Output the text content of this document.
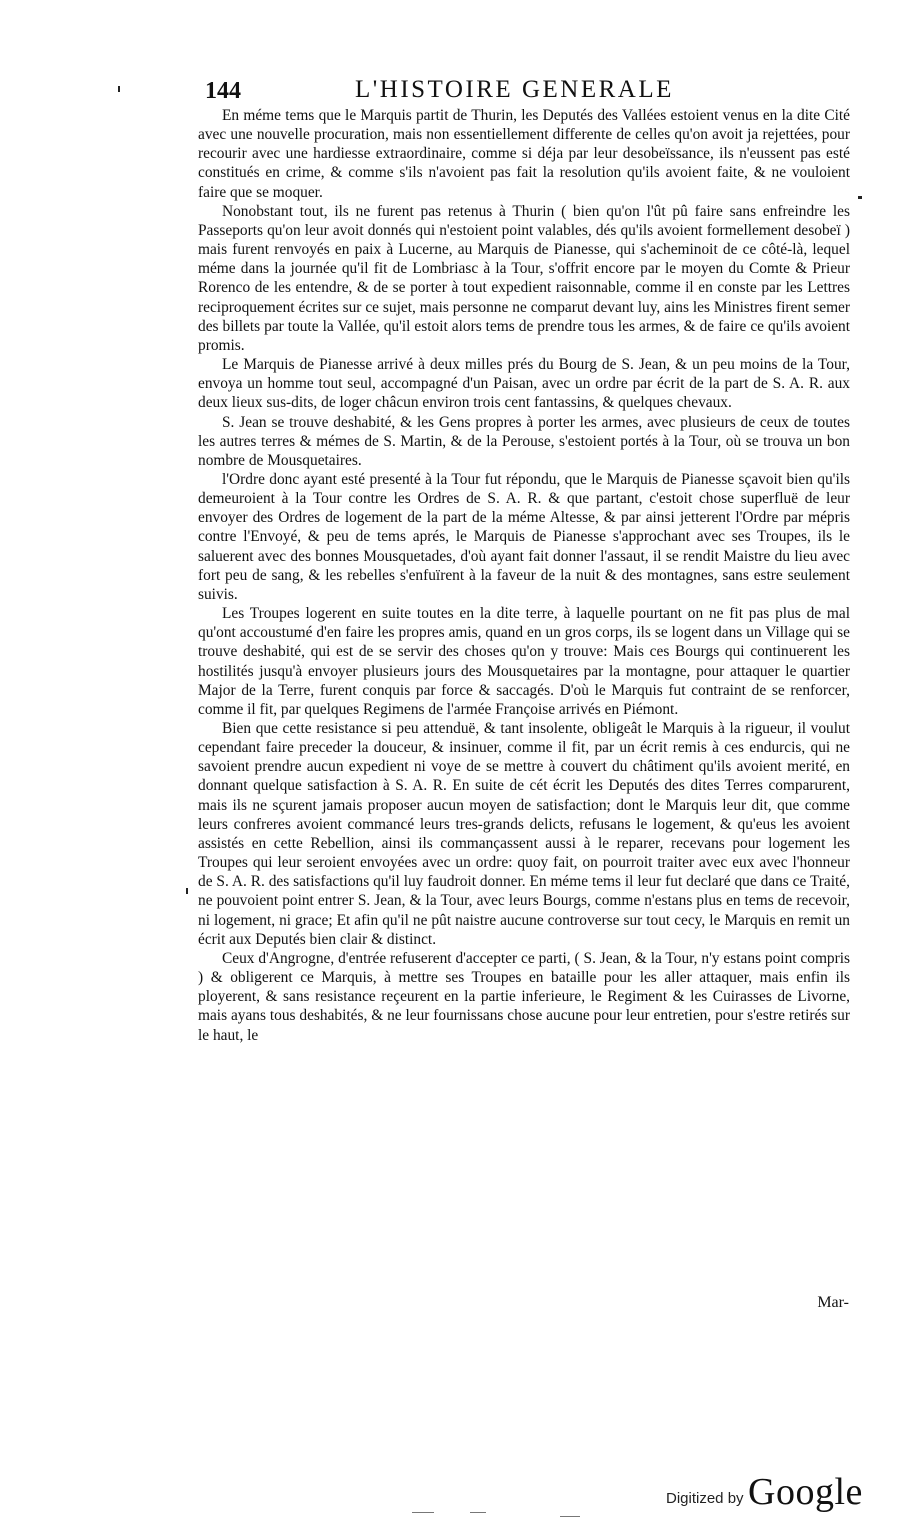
144	L'HISTOIRE GENERALE

En méme tems que le Marquis partit de Thurin, les Deputés des Vallées estoient venus en la dite Cité avec une nouvelle procuration, mais non essentiellement differente de celles qu'on avoit ja rejettées, pour recourir avec une hardiesse extraordinaire, comme si déja par leur desobeïssance, ils n'eussent pas esté constitués en crime, & comme s'ils n'avoient pas fait la resolution qu'ils avoient faite, & ne vouloient faire que se moquer.

Nonobstant tout, ils ne furent pas retenus à Thurin ( bien qu'on l'ût pû faire sans enfreindre les Passeports qu'on leur avoit donnés qui n'estoient point valables, dés qu'ils avoient formellement desobeï ) mais furent renvoyés en paix à Lucerne, au Marquis de Pianesse, qui s'acheminoit de ce côté-là, lequel méme dans la journée qu'il fit de Lombriasc à la Tour, s'offrit encore par le moyen du Comte & Prieur Rorenco de les entendre, & de se porter à tout expedient raisonnable, comme il en conste par les Lettres reciproquement écrites sur ce sujet, mais personne ne comparut devant luy, ains les Ministres firent semer des billets par toute la Vallée, qu'il estoit alors tems de prendre tous les armes, & de faire ce qu'ils avoient promis.

Le Marquis de Pianesse arrivé à deux milles prés du Bourg de S. Jean, & un peu moins de la Tour, envoya un homme tout seul, accompagné d'un Paisan, avec un ordre par écrit de la part de S. A. R. aux deux lieux sus-dits, de loger châcun environ trois cent fantassins, & quelques chevaux.

S. Jean se trouve deshabité, & les Gens propres à porter les armes, avec plusieurs de ceux de toutes les autres terres & mémes de S. Martin, & de la Perouse, s'estoient portés à la Tour, où se trouva un bon nombre de Mousquetaires.

l'Ordre donc ayant esté presenté à la Tour fut répondu, que le Marquis de Pianesse sçavoit bien qu'ils demeuroient à la Tour contre les Ordres de S. A. R. & que partant, c'estoit chose superfluë de leur envoyer des Ordres de logement de la part de la méme Altesse, & par ainsi jetterent l'Ordre par mépris contre l'Envoyé, & peu de tems aprés, le Marquis de Pianesse s'approchant avec ses Troupes, ils le saluerent avec des bonnes Mousquetades, d'où ayant fait donner l'assaut, il se rendit Maistre du lieu avec fort peu de sang, & les rebelles s'enfuïrent à la faveur de la nuit & des montagnes, sans estre seulement suivis.

Les Troupes logerent en suite toutes en la dite terre, à laquelle pourtant on ne fit pas plus de mal qu'ont accoustumé d'en faire les propres amis, quand en un gros corps, ils se logent dans un Village qui se trouve deshabité, qui est de se servir des choses qu'on y trouve: Mais ces Bourgs qui continuerent les hostilités jusqu'à envoyer plusieurs jours des Mousquetaires par la montagne, pour attaquer le quartier Major de la Terre, furent conquis par force & saccagés. D'où le Marquis fut contraint de se renforcer, comme il fit, par quelques Regimens de l'armée Françoise arrivés en Piémont.

Bien que cette resistance si peu attenduë, & tant insolente, obligeât le Marquis à la rigueur, il voulut cependant faire preceder la douceur, & insinuer, comme il fit, par un écrit remis à ces endurcis, qui ne savoient prendre aucun expedient ni voye de se mettre à couvert du châtiment qu'ils avoient merité, en donnant quelque satisfaction à S. A. R. En suite de cét écrit les Deputés des dites Terres comparurent, mais ils ne sçurent jamais proposer aucun moyen de satisfaction; dont le Marquis leur dit, que comme leurs confreres avoient commancé leurs tres-grands delicts, refusans le logement, & qu'eus les avoient assistés en cette Rebellion, ainsi ils commançassent aussi à le reparer, recevans pour logement les Troupes qui leur seroient envoyées avec un ordre: quoy fait, on pourroit traiter avec eux avec l'honneur de S. A. R. des satisfactions qu'il luy faudroit donner. En méme tems il leur fut declaré que dans ce Traité, ne pouvoient point entrer S. Jean, & la Tour, avec leurs Bourgs, comme n'estans plus en tems de recevoir, ni logement, ni grace; Et afin qu'il ne pût naistre aucune controverse sur tout cecy, le Marquis en remit un écrit aux Deputés bien clair & distinct.

Ceux d'Angrogne, d'entrée refuserent d'accepter ce parti, ( S. Jean, & la Tour, n'y estans point compris ) & obligerent ce Marquis, à mettre ses Troupes en bataille pour les aller attaquer, mais enfin ils ployerent, & sans resistance reçeurent en la partie inferieure, le Regiment & les Cuirasses de Livorne, mais ayans tous deshabités, & ne leur fournissans chose aucune pour leur entretien, pour s'estre retirés sur le haut, le

Mar-
Digitized by Google
